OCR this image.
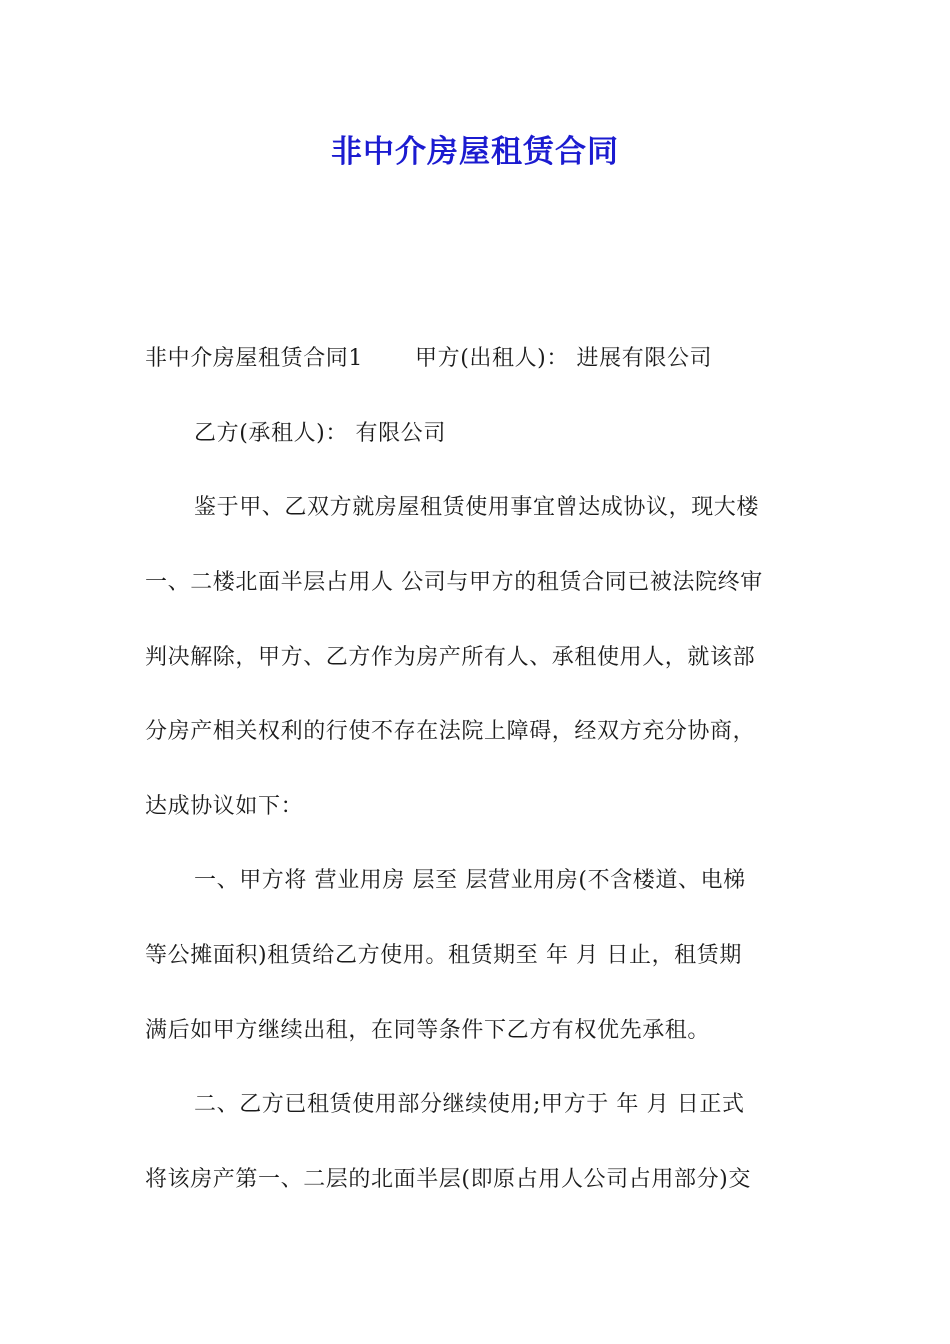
非中介房屋租赁合同
非中介房屋租赁合同1 甲方(出租人)： 进展有限公司
乙方(承租人)： 有限公司
鉴于甲、乙双方就房屋租赁使用事宜曾达成协议，现大楼
一、二楼北面半层占用人 公司与甲方的租赁合同已被法院终审
判决解除，甲方、乙方作为房产所有人、承租使用人，就该部
分房产相关权利的行使不存在法院上障碍，经双方充分协商，
达成协议如下：
一、甲方将 营业用房 层至 层营业用房(不含楼道、电梯
等公摊面积)租赁给乙方使用。租赁期至 年 月 日止，租赁期
满后如甲方继续出租，在同等条件下乙方有权优先承租。
二、乙方已租赁使用部分继续使用;甲方于 年 月 日正式
将该房产第一、二层的北面半层(即原占用人公司占用部分)交
